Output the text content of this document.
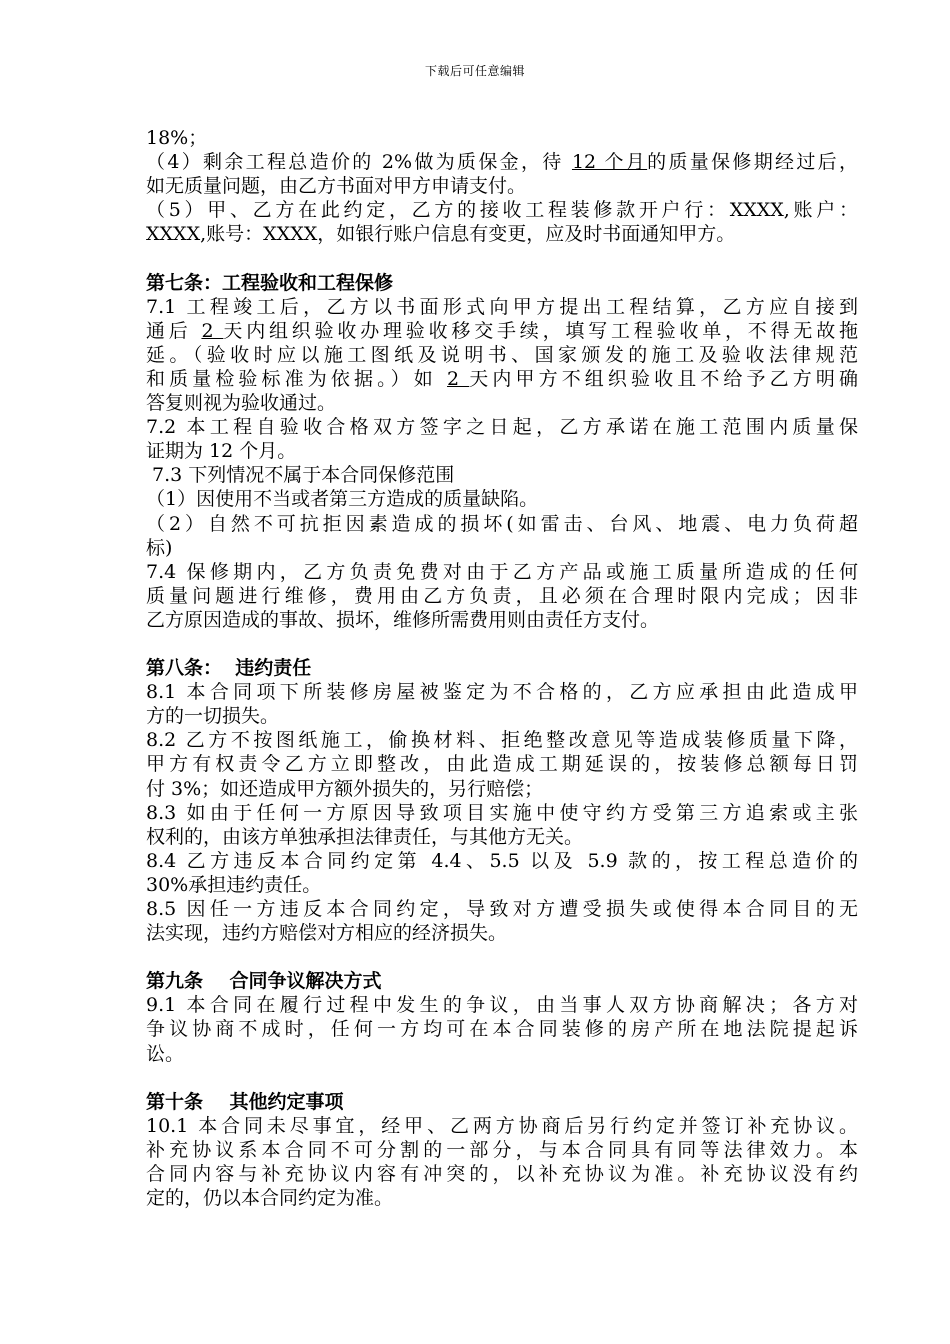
下载后可任意编辑
18%；
（4）剩余工程总造价的 2%做为质保金，待 12 个月的质量保修期经过后，
如无质量问题，由乙方书面对甲方申请支付。
（5）甲、乙方在此约定，乙方的接收工程装修款开户行：XXXX,账户：
XXXX,账号：XXXX，如银行账户信息有变更，应及时书面通知甲方。
第七条：工程验收和工程保修
7.1 工程竣工后，乙方以书面形式向甲方提出工程结算，乙方应自接到
通后 2 天内组织验收办理验收移交手续，填写工程验收单，不得无故拖
延。（验收时应以施工图纸及说明书、国家颁发的施工及验收法律规范
和质量检验标准为依据。）如 2 天内甲方不组织验收且不给予乙方明确
答复则视为验收通过。
7.2 本工程自验收合格双方签字之日起，乙方承诺在施工范围内质量保
证期为 12 个月。
7.3 下列情况不属于本合同保修范围
（1）因使用不当或者第三方造成的质量缺陷。
（2）自然不可抗拒因素造成的损坏(如雷击、台风、地震、电力负荷超
标)
7.4 保修期内，乙方负责免费对由于乙方产品或施工质量所造成的任何
质量问题进行维修，费用由乙方负责，且必须在合理时限内完成；因非
乙方原因造成的事故、损坏，维修所需费用则由责任方支付。
第八条：  违约责任
8.1 本合同项下所装修房屋被鉴定为不合格的，乙方应承担由此造成甲
方的一切损失。
8.2 乙方不按图纸施工，偷换材料、拒绝整改意见等造成装修质量下降，
甲方有权责令乙方立即整改，由此造成工期延误的，按装修总额每日罚
付 3%；如还造成甲方额外损失的，另行赔偿；
8.3 如由于任何一方原因导致项目实施中使守约方受第三方追索或主张
权利的，由该方单独承担法律责任，与其他方无关。
8.4 乙方违反本合同约定第 4.4、5.5 以及 5.9 款的，按工程总造价的
30%承担违约责任。
8.5 因任一方违反本合同约定，导致对方遭受损失或使得本合同目的无
法实现，违约方赔偿对方相应的经济损失。
第九条    合同争议解决方式
9.1 本合同在履行过程中发生的争议，由当事人双方协商解决；各方对
争议协商不成时，任何一方均可在本合同装修的房产所在地法院提起诉
讼。
第十条    其他约定事项
10.1 本合同未尽事宜，经甲、乙两方协商后另行约定并签订补充协议。
补充协议系本合同不可分割的一部分，与本合同具有同等法律效力。本
合同内容与补充协议内容有冲突的，以补充协议为准。补充协议没有约
定的，仍以本合同约定为准。
